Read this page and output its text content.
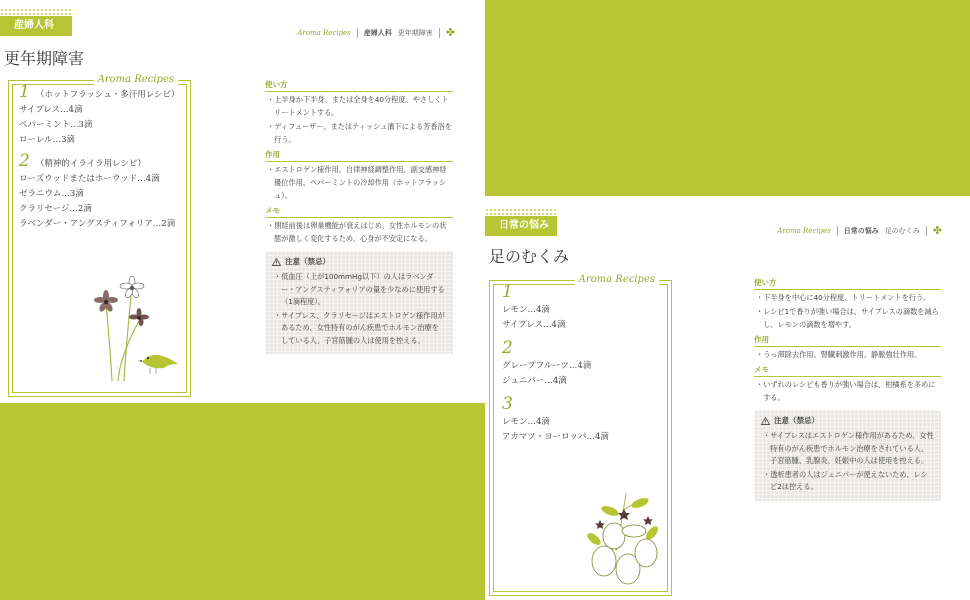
産婦人科
Aroma Recipes 産婦人科 更年期障害 ✤
更年期障害
Aroma Recipes
1 （ホットフラッシュ・多汗用レシピ）
サイプレス…4滴
ペパーミント…3滴
ローレル…3滴
2 （精神的イライラ用レシピ）
ローズウッドまたはホーウッド…4滴
ゼラニウム…3滴
クラリセージ…2滴
ラベンダー・アングスティフォリア…2滴
使い方
・上半身か下半身、または全身を40分程度、やさしくトリートメントする。
・ディフューザー、またはティッシュ濱下による芳香浴を行う。
作用
・エストロゲン様作用、自律神経調整作用、副交感神経優位作用、ペパーミントの冷却作用（ホットフラッシュ）。
メモ
・閉経前後は卵巣機能が衰えはじめ、女性ホルモンの状態が激しく変化するため、心身が不安定になる。
注意（禁忌）
・低血圧（上が100mmHg以下）の人はラベンダー・アングスティフォリアの量を少なめに使用する（1滴程度）。
・サイプレス、クラリセージはエストロゲン様作用があるため、女性特有のがん疾患でホルモン治療をしている人、子宮筋腫の人は使用を控える。
日常の悩み	Aroma Recipes 日常の悩み 足のむくみ ✤
足のむくみ
Aroma Recipes
1
レモン…4滴
サイプレス…4滴
2
グレープフルーツ…4滴
ジュニパー…4滴
3
レモン…4滴
アカマツ・ヨーロッパ…4滴
使い方
・下半身を中心に40分程度、トリートメントを行う。
・レシピ1で香りが強い場合は、サイプレスの滴数を減らし、レモンの滴数を増やす。
作用
・うっ滞除去作用、腎臓刺激作用、静脈強壮作用。
メモ
・いずれのレシピも香りが強い場合は、柑橘系を多めにする。
注意（禁忌）
・サイプレスはエストロゲン様作用があるため、女性特有のがん疾患でホルモン治療をされている人、子宮筋腫、乳腺炎、妊娠中の人は使用を控える。
・透析患者の人はジュニパーが使えないため、レシピ2は控える。
